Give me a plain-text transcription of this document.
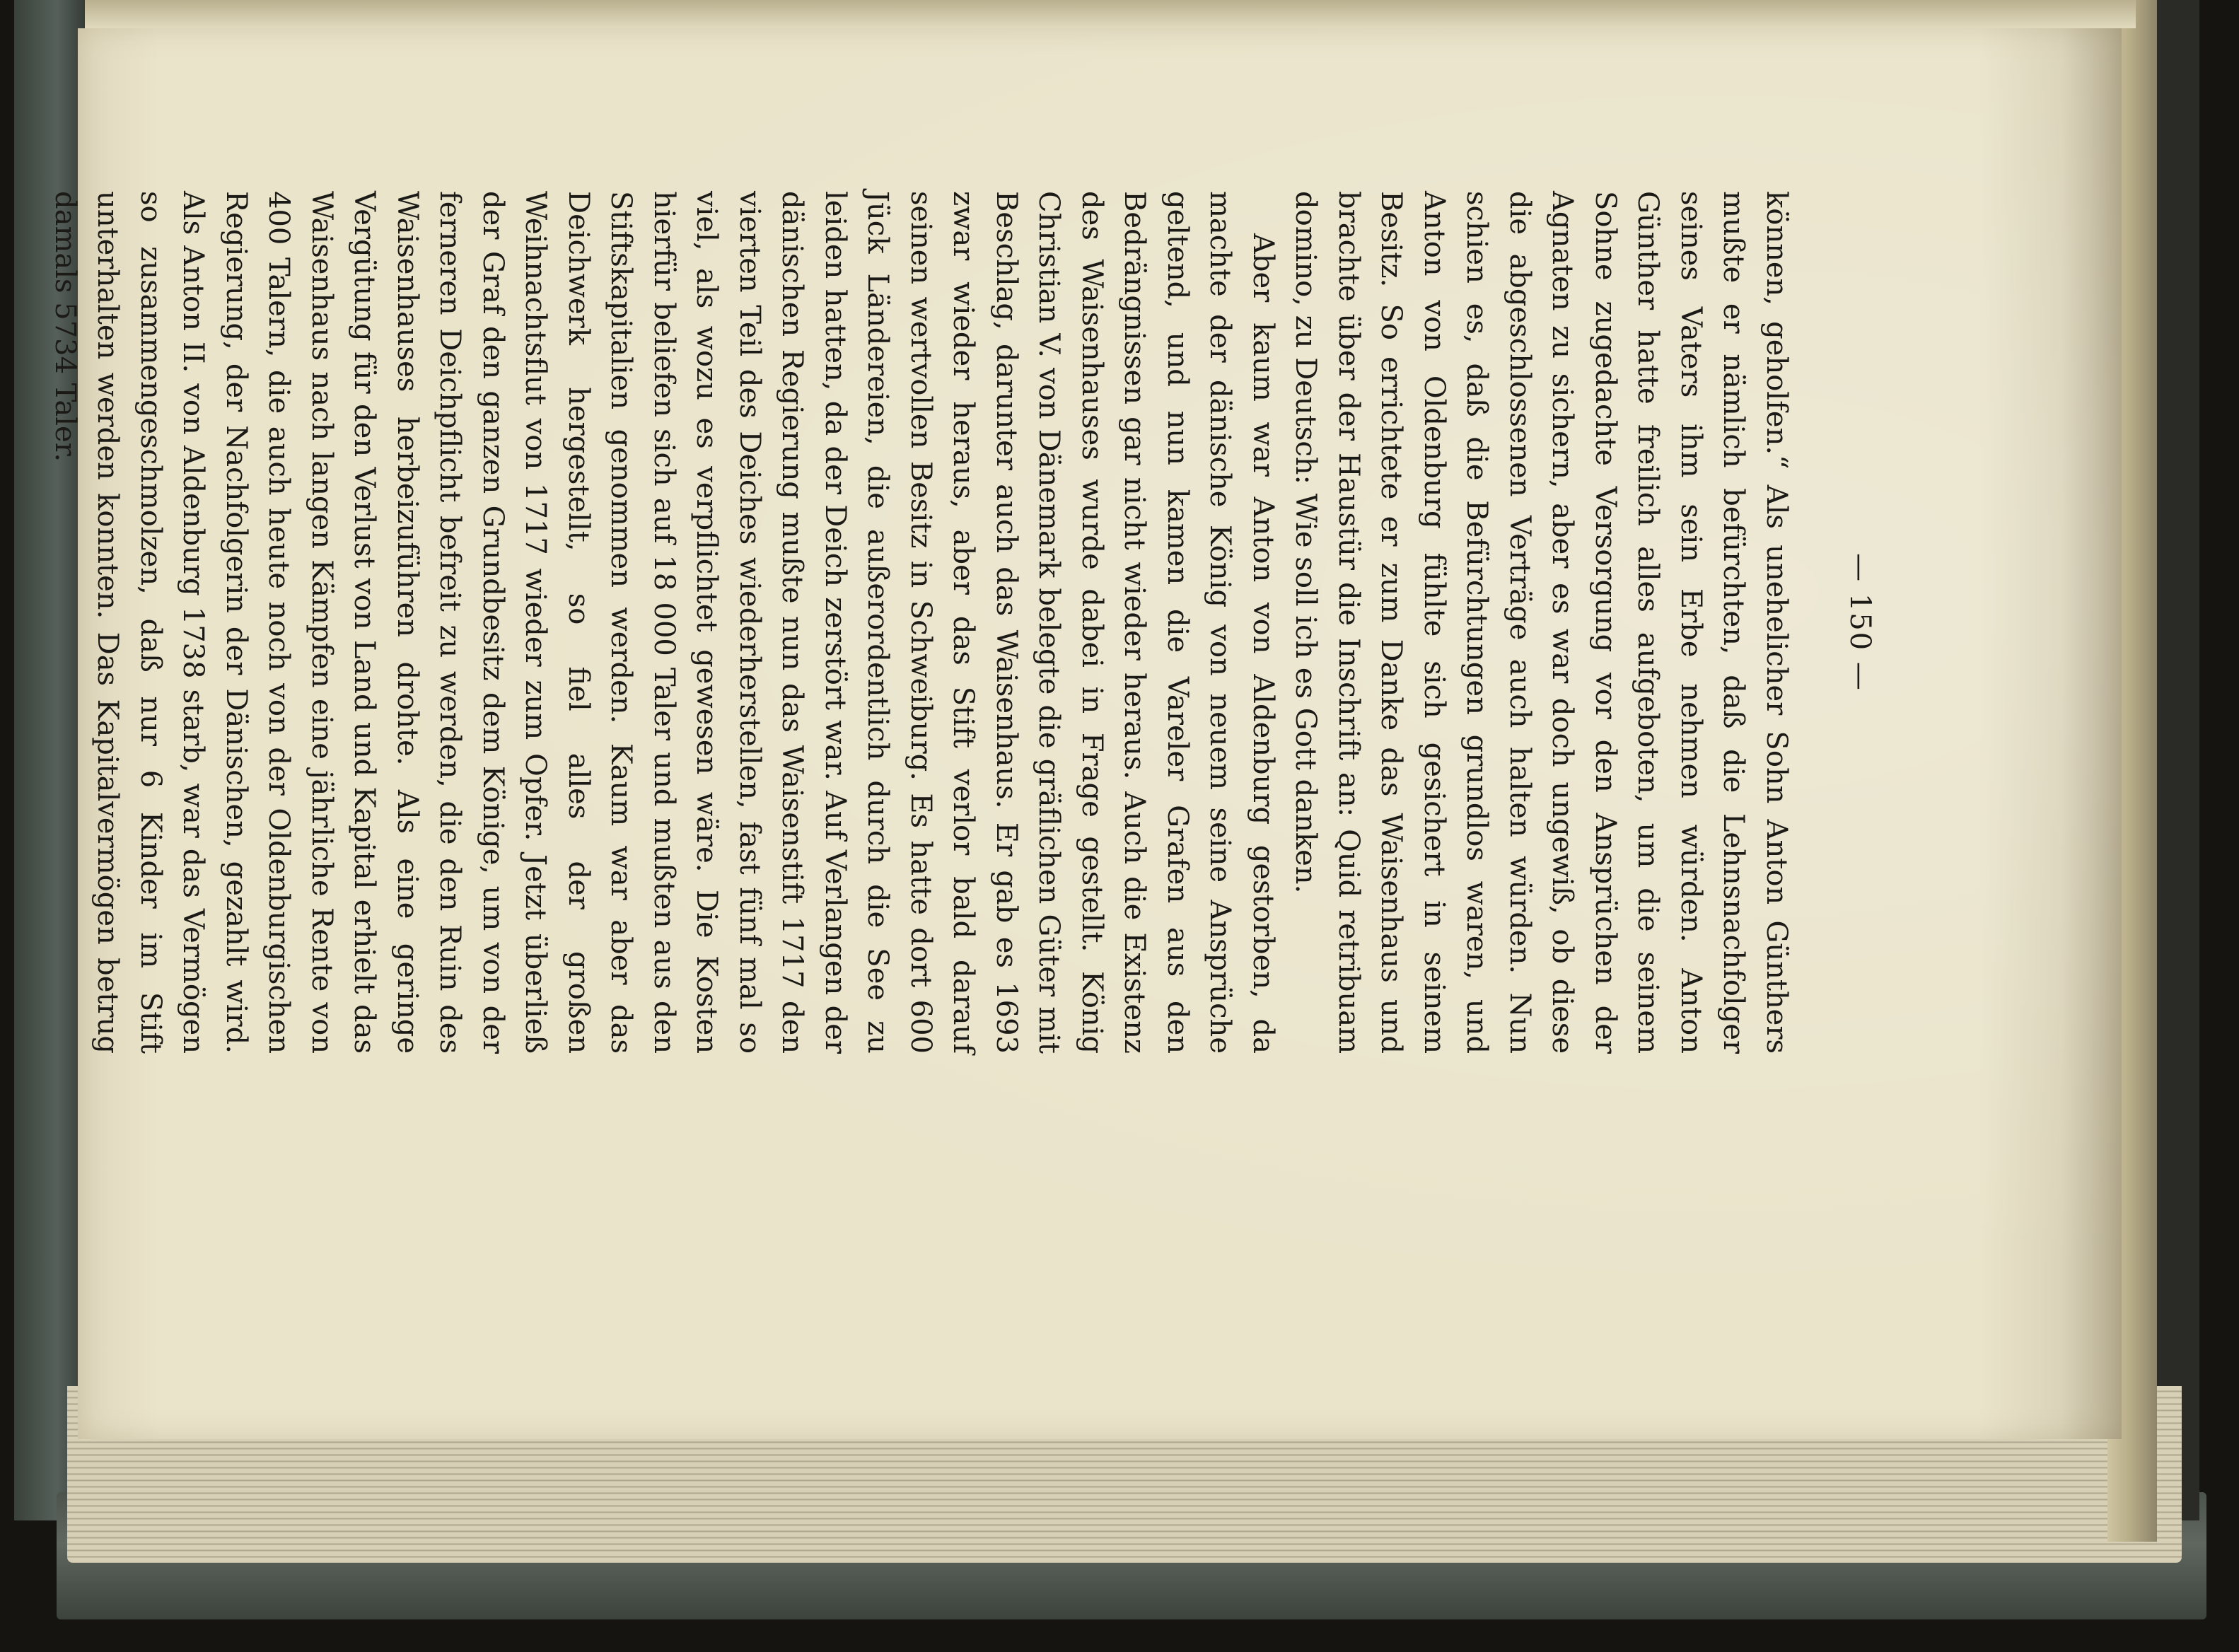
— 150 —

können, geholfen.“ Als unehelicher Sohn Anton Günthers mußte er nämlich befürchten, daß die Lehnsnachfolger seines Vaters ihm sein Erbe nehmen würden. Anton Günther hatte freilich alles aufgeboten, um die seinem Sohne zugedachte Versorgung vor den Ansprüchen der Agnaten zu sichern, aber es war doch ungewiß, ob diese die abgeschlossenen Verträge auch halten würden. Nun schien es, daß die Befürchtungen grundlos waren, und Anton von Oldenburg fühlte sich gesichert in seinem Besitz. So errichtete er zum Danke das Waisenhaus und brachte über der Haustür die Inschrift an: Quid retribuam domino, zu Deutsch: Wie soll ich es Gott danken.

Aber kaum war Anton von Aldenburg gestorben, da machte der dänische König von neuem seine Ansprüche geltend, und nun kamen die Vareler Grafen aus den Bedrängnissen gar nicht wieder heraus. Auch die Existenz des Waisenhauses wurde dabei in Frage gestellt. König Christian V. von Dänemark belegte die gräflichen Güter mit Beschlag, darunter auch das Waisenhaus. Er gab es 1693 zwar wieder heraus, aber das Stift verlor bald darauf seinen wertvollen Besitz in Schweiburg. Es hatte dort 600 Jück Ländereien, die außerordentlich durch die See zu leiden hatten, da der Deich zerstört war. Auf Verlangen der dänischen Regierung mußte nun das Waisenstift 1717 den vierten Teil des Deiches wiederherstellen, fast fünf mal so viel, als wozu es verpflichtet gewesen wäre. Die Kosten hierfür beliefen sich auf 18 000 Taler und mußten aus den Stiftskapitalien genommen werden. Kaum war aber das Deichwerk hergestellt, so fiel alles der großen Weihnachtsflut von 1717 wieder zum Opfer. Jetzt überließ der Graf den ganzen Grundbesitz dem Könige, um von der ferneren Deichpflicht befreit zu werden, die den Ruin des Waisenhauses herbeizuführen drohte. Als eine geringe Vergütung für den Verlust von Land und Kapital erhielt das Waisenhaus nach langen Kämpfen eine jährliche Rente von 400 Talern, die auch heute noch von der Oldenburgischen Regierung, der Nachfolgerin der Dänischen, gezahlt wird. Als Anton II. von Aldenburg 1738 starb, war das Vermögen so zusammengeschmolzen, daß nur 6 Kinder im Stift unterhalten werden konnten. Das Kapitalvermögen betrug damals 5734 Taler.
